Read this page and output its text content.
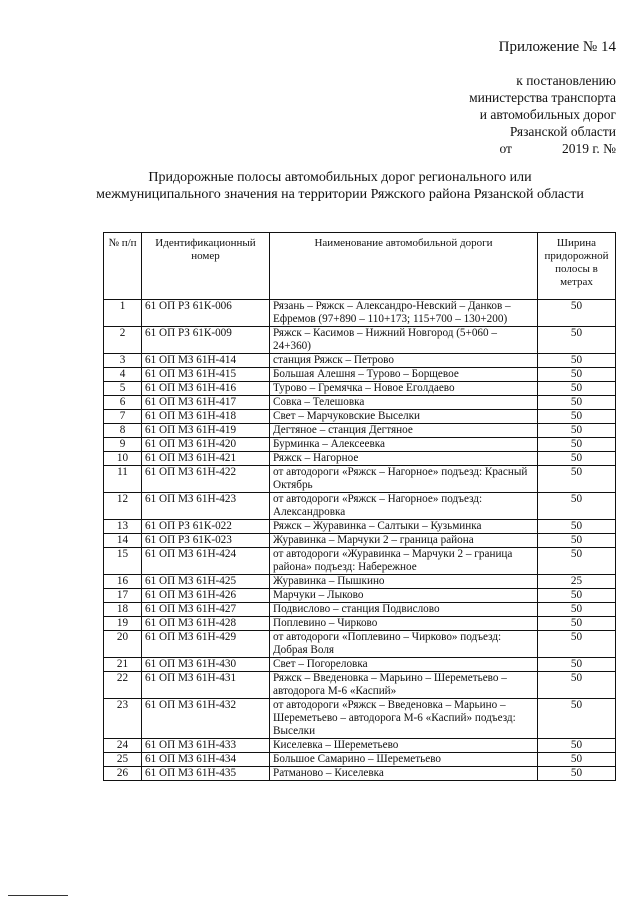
Приложение № 14
к постановлению
министерства транспорта
и автомобильных дорог
Рязанской области
от	2019 г. №
Придорожные полосы автомобильных дорог регионального или межмуниципального значения на территории Ряжского района Рязанской области
№ п/п	Идентификационный номер	Наименование автомобильной дороги	Ширина придорожной полосы в метрах
1	61 ОП РЗ 61К-006	Рязань – Ряжск – Александро-Невский – Данков – Ефремов (97+890 – 110+173; 115+700 – 130+200)	50
2	61 ОП РЗ 61К-009	Ряжск – Касимов – Нижний Новгород (5+060 – 24+360)	50
3	61 ОП МЗ 61Н-414	станция Ряжск – Петрово	50
4	61 ОП МЗ 61Н-415	Большая Алешня – Турово – Борщевое	50
5	61 ОП МЗ 61Н-416	Турово – Гремячка – Новое Еголдаево	50
6	61 ОП МЗ 61Н-417	Совка – Телешовка	50
7	61 ОП МЗ 61Н-418	Свет – Марчуковские Выселки	50
8	61 ОП МЗ 61Н-419	Дегтяное – станция Дегтяное	50
9	61 ОП МЗ 61Н-420	Бурминка – Алексеевка	50
10	61 ОП МЗ 61Н-421	Ряжск – Нагорное	50
11	61 ОП МЗ 61Н-422	от автодороги «Ряжск – Нагорное» подъезд: Красный Октябрь	50
12	61 ОП МЗ 61Н-423	от автодороги «Ряжск – Нагорное» подъезд: Александровка	50
13	61 ОП РЗ 61К-022	Ряжск – Журавинка – Салтыки – Кузьминка	50
14	61 ОП РЗ 61К-023	Журавинка – Марчуки 2 – граница района	50
15	61 ОП МЗ 61Н-424	от автодороги «Журавинка – Марчуки 2 – граница района» подъезд: Набережное	50
16	61 ОП МЗ 61Н-425	Журавинка – Пышкино	25
17	61 ОП МЗ 61Н-426	Марчуки – Лыково	50
18	61 ОП МЗ 61Н-427	Подвислово – станция Подвислово	50
19	61 ОП МЗ 61Н-428	Поплевино – Чирково	50
20	61 ОП МЗ 61Н-429	от автодороги «Поплевино – Чирково» подъезд: Добрая Воля	50
21	61 ОП МЗ 61Н-430	Свет – Погореловка	50
22	61 ОП МЗ 61Н-431	Ряжск – Введеновка – Марьино – Шереметьево – автодорога М-6 «Каспий»	50
23	61 ОП МЗ 61Н-432	от автодороги «Ряжск – Введеновка – Марьино – Шереметьево – автодорога М-6 «Каспий» подъезд: Выселки	50
24	61 ОП МЗ 61Н-433	Киселевка – Шереметьево	50
25	61 ОП МЗ 61Н-434	Большое Самарино – Шереметьево	50
26	61 ОП МЗ 61Н-435	Ратманово – Киселевка	50
